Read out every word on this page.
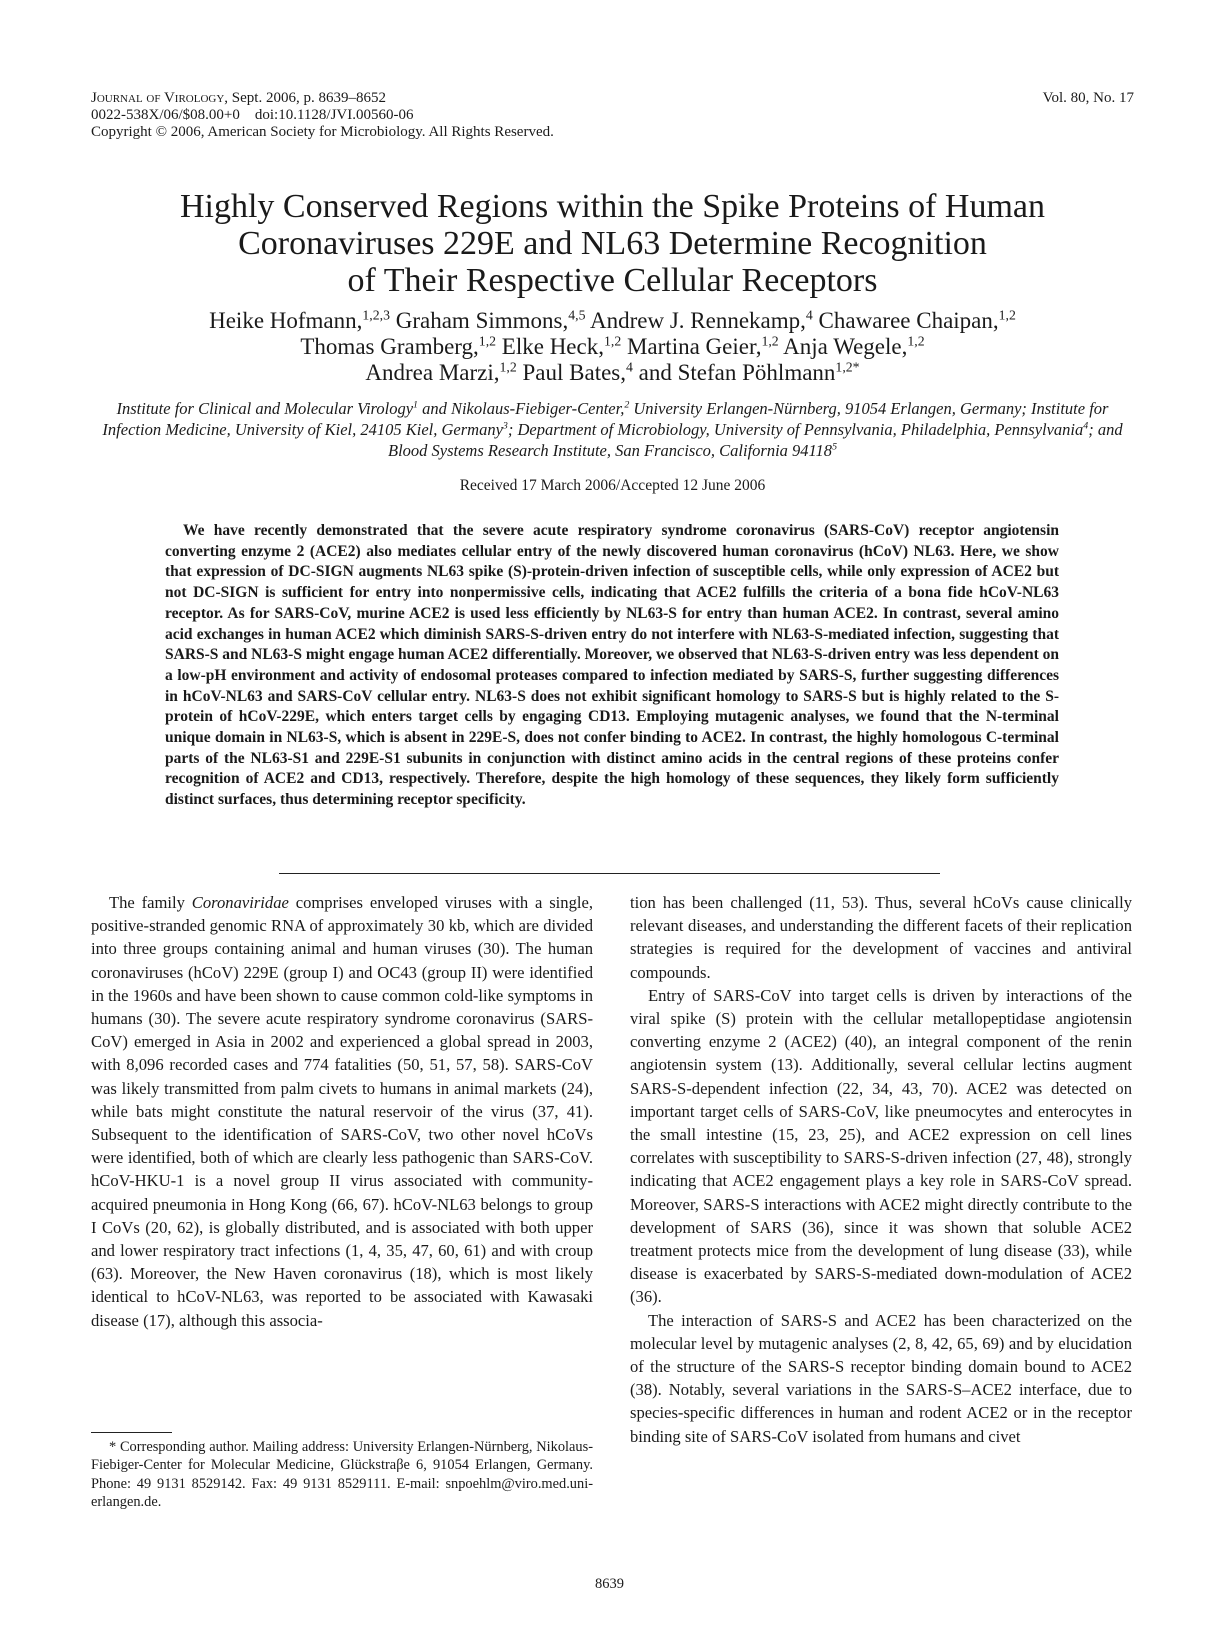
Journal of Virology, Sept. 2006, p. 8639–8652
0022-538X/06/$08.00+0    doi:10.1128/JVI.00560-06
Copyright © 2006, American Society for Microbiology. All Rights Reserved.
Vol. 80, No. 17
Highly Conserved Regions within the Spike Proteins of Human
Coronaviruses 229E and NL63 Determine Recognition
of Their Respective Cellular Receptors
Heike Hofmann,$^{1,2,3}$ Graham Simmons,$^{4,5}$ Andrew J. Rennekamp,$^4$ Chawaree Chaipan,$^{1,2}$
Thomas Gramberg,$^{1,2}$ Elke Heck,$^{1,2}$ Martina Geier,$^{1,2}$ Anja Wegele,$^{1,2}$
Andrea Marzi,$^{1,2}$ Paul Bates,$^4$ and Stefan Pöhlmann$^{1,2*}$
Institute for Clinical and Molecular Virology$^1$ and Nikolaus-Fiebiger-Center,$^2$ University Erlangen-Nürnberg, 91054 Erlangen, Germany; Institute for Infection Medicine, University of Kiel, 24105 Kiel, Germany$^3$; Department of Microbiology, University of Pennsylvania, Philadelphia, Pennsylvania$^4$; and Blood Systems Research Institute, San Francisco, California 94118$^5$
Received 17 March 2006/Accepted 12 June 2006
We have recently demonstrated that the severe acute respiratory syndrome coronavirus (SARS-CoV) receptor angiotensin converting enzyme 2 (ACE2) also mediates cellular entry of the newly discovered human coronavirus (hCoV) NL63. Here, we show that expression of DC-SIGN augments NL63 spike (S)-protein-driven infection of susceptible cells, while only expression of ACE2 but not DC-SIGN is sufficient for entry into nonpermissive cells, indicating that ACE2 fulfills the criteria of a bona fide hCoV-NL63 receptor. As for SARS-CoV, murine ACE2 is used less efficiently by NL63-S for entry than human ACE2. In contrast, several amino acid exchanges in human ACE2 which diminish SARS-S-driven entry do not interfere with NL63-S-mediated infection, suggesting that SARS-S and NL63-S might engage human ACE2 differentially. Moreover, we observed that NL63-S-driven entry was less dependent on a low-pH environment and activity of endosomal proteases compared to infection mediated by SARS-S, further suggesting differences in hCoV-NL63 and SARS-CoV cellular entry. NL63-S does not exhibit significant homology to SARS-S but is highly related to the S-protein of hCoV-229E, which enters target cells by engaging CD13. Employing mutagenic analyses, we found that the N-terminal unique domain in NL63-S, which is absent in 229E-S, does not confer binding to ACE2. In contrast, the highly homologous C-terminal parts of the NL63-S1 and 229E-S1 subunits in conjunction with distinct amino acids in the central regions of these proteins confer recognition of ACE2 and CD13, respectively. Therefore, despite the high homology of these sequences, they likely form sufficiently distinct surfaces, thus determining receptor specificity.

The family Coronaviridae comprises enveloped viruses with a single, positive-stranded genomic RNA of approximately 30 kb, which are divided into three groups containing animal and human viruses (30). The human coronaviruses (hCoV) 229E (group I) and OC43 (group II) were identified in the 1960s and have been shown to cause common cold-like symptoms in humans (30). The severe acute respiratory syndrome coronavirus (SARS-CoV) emerged in Asia in 2002 and experienced a global spread in 2003, with 8,096 recorded cases and 774 fatalities (50, 51, 57, 58). SARS-CoV was likely transmitted from palm civets to humans in animal markets (24), while bats might constitute the natural reservoir of the virus (37, 41). Subsequent to the identification of SARS-CoV, two other novel hCoVs were identified, both of which are clearly less pathogenic than SARS-CoV. hCoV-HKU-1 is a novel group II virus associated with community-acquired pneumonia in Hong Kong (66, 67). hCoV-NL63 belongs to group I CoVs (20, 62), is globally distributed, and is associated with both upper and lower respiratory tract infections (1, 4, 35, 47, 60, 61) and with croup (63). Moreover, the New Haven coronavirus (18), which is most likely identical to hCoV-NL63, was reported to be associated with Kawasaki disease (17), although this associa-

* Corresponding author. Mailing address: University Erlangen-Nürnberg, Nikolaus-Fiebiger-Center for Molecular Medicine, Glückstraβe 6, 91054 Erlangen, Germany. Phone: 49 9131 8529142. Fax: 49 9131 8529111. E-mail: snpoehlm@viro.med.uni-erlangen.de.

tion has been challenged (11, 53). Thus, several hCoVs cause clinically relevant diseases, and understanding the different facets of their replication strategies is required for the development of vaccines and antiviral compounds.

Entry of SARS-CoV into target cells is driven by interactions of the viral spike (S) protein with the cellular metallopeptidase angiotensin converting enzyme 2 (ACE2) (40), an integral component of the renin angiotensin system (13). Additionally, several cellular lectins augment SARS-S-dependent infection (22, 34, 43, 70). ACE2 was detected on important target cells of SARS-CoV, like pneumocytes and enterocytes in the small intestine (15, 23, 25), and ACE2 expression on cell lines correlates with susceptibility to SARS-S-driven infection (27, 48), strongly indicating that ACE2 engagement plays a key role in SARS-CoV spread. Moreover, SARS-S interactions with ACE2 might directly contribute to the development of SARS (36), since it was shown that soluble ACE2 treatment protects mice from the development of lung disease (33), while disease is exacerbated by SARS-S-mediated down-modulation of ACE2 (36).

The interaction of SARS-S and ACE2 has been characterized on the molecular level by mutagenic analyses (2, 8, 42, 65, 69) and by elucidation of the structure of the SARS-S receptor binding domain bound to ACE2 (38). Notably, several variations in the SARS-S–ACE2 interface, due to species-specific differences in human and rodent ACE2 or in the receptor binding site of SARS-CoV isolated from humans and civet

8639
